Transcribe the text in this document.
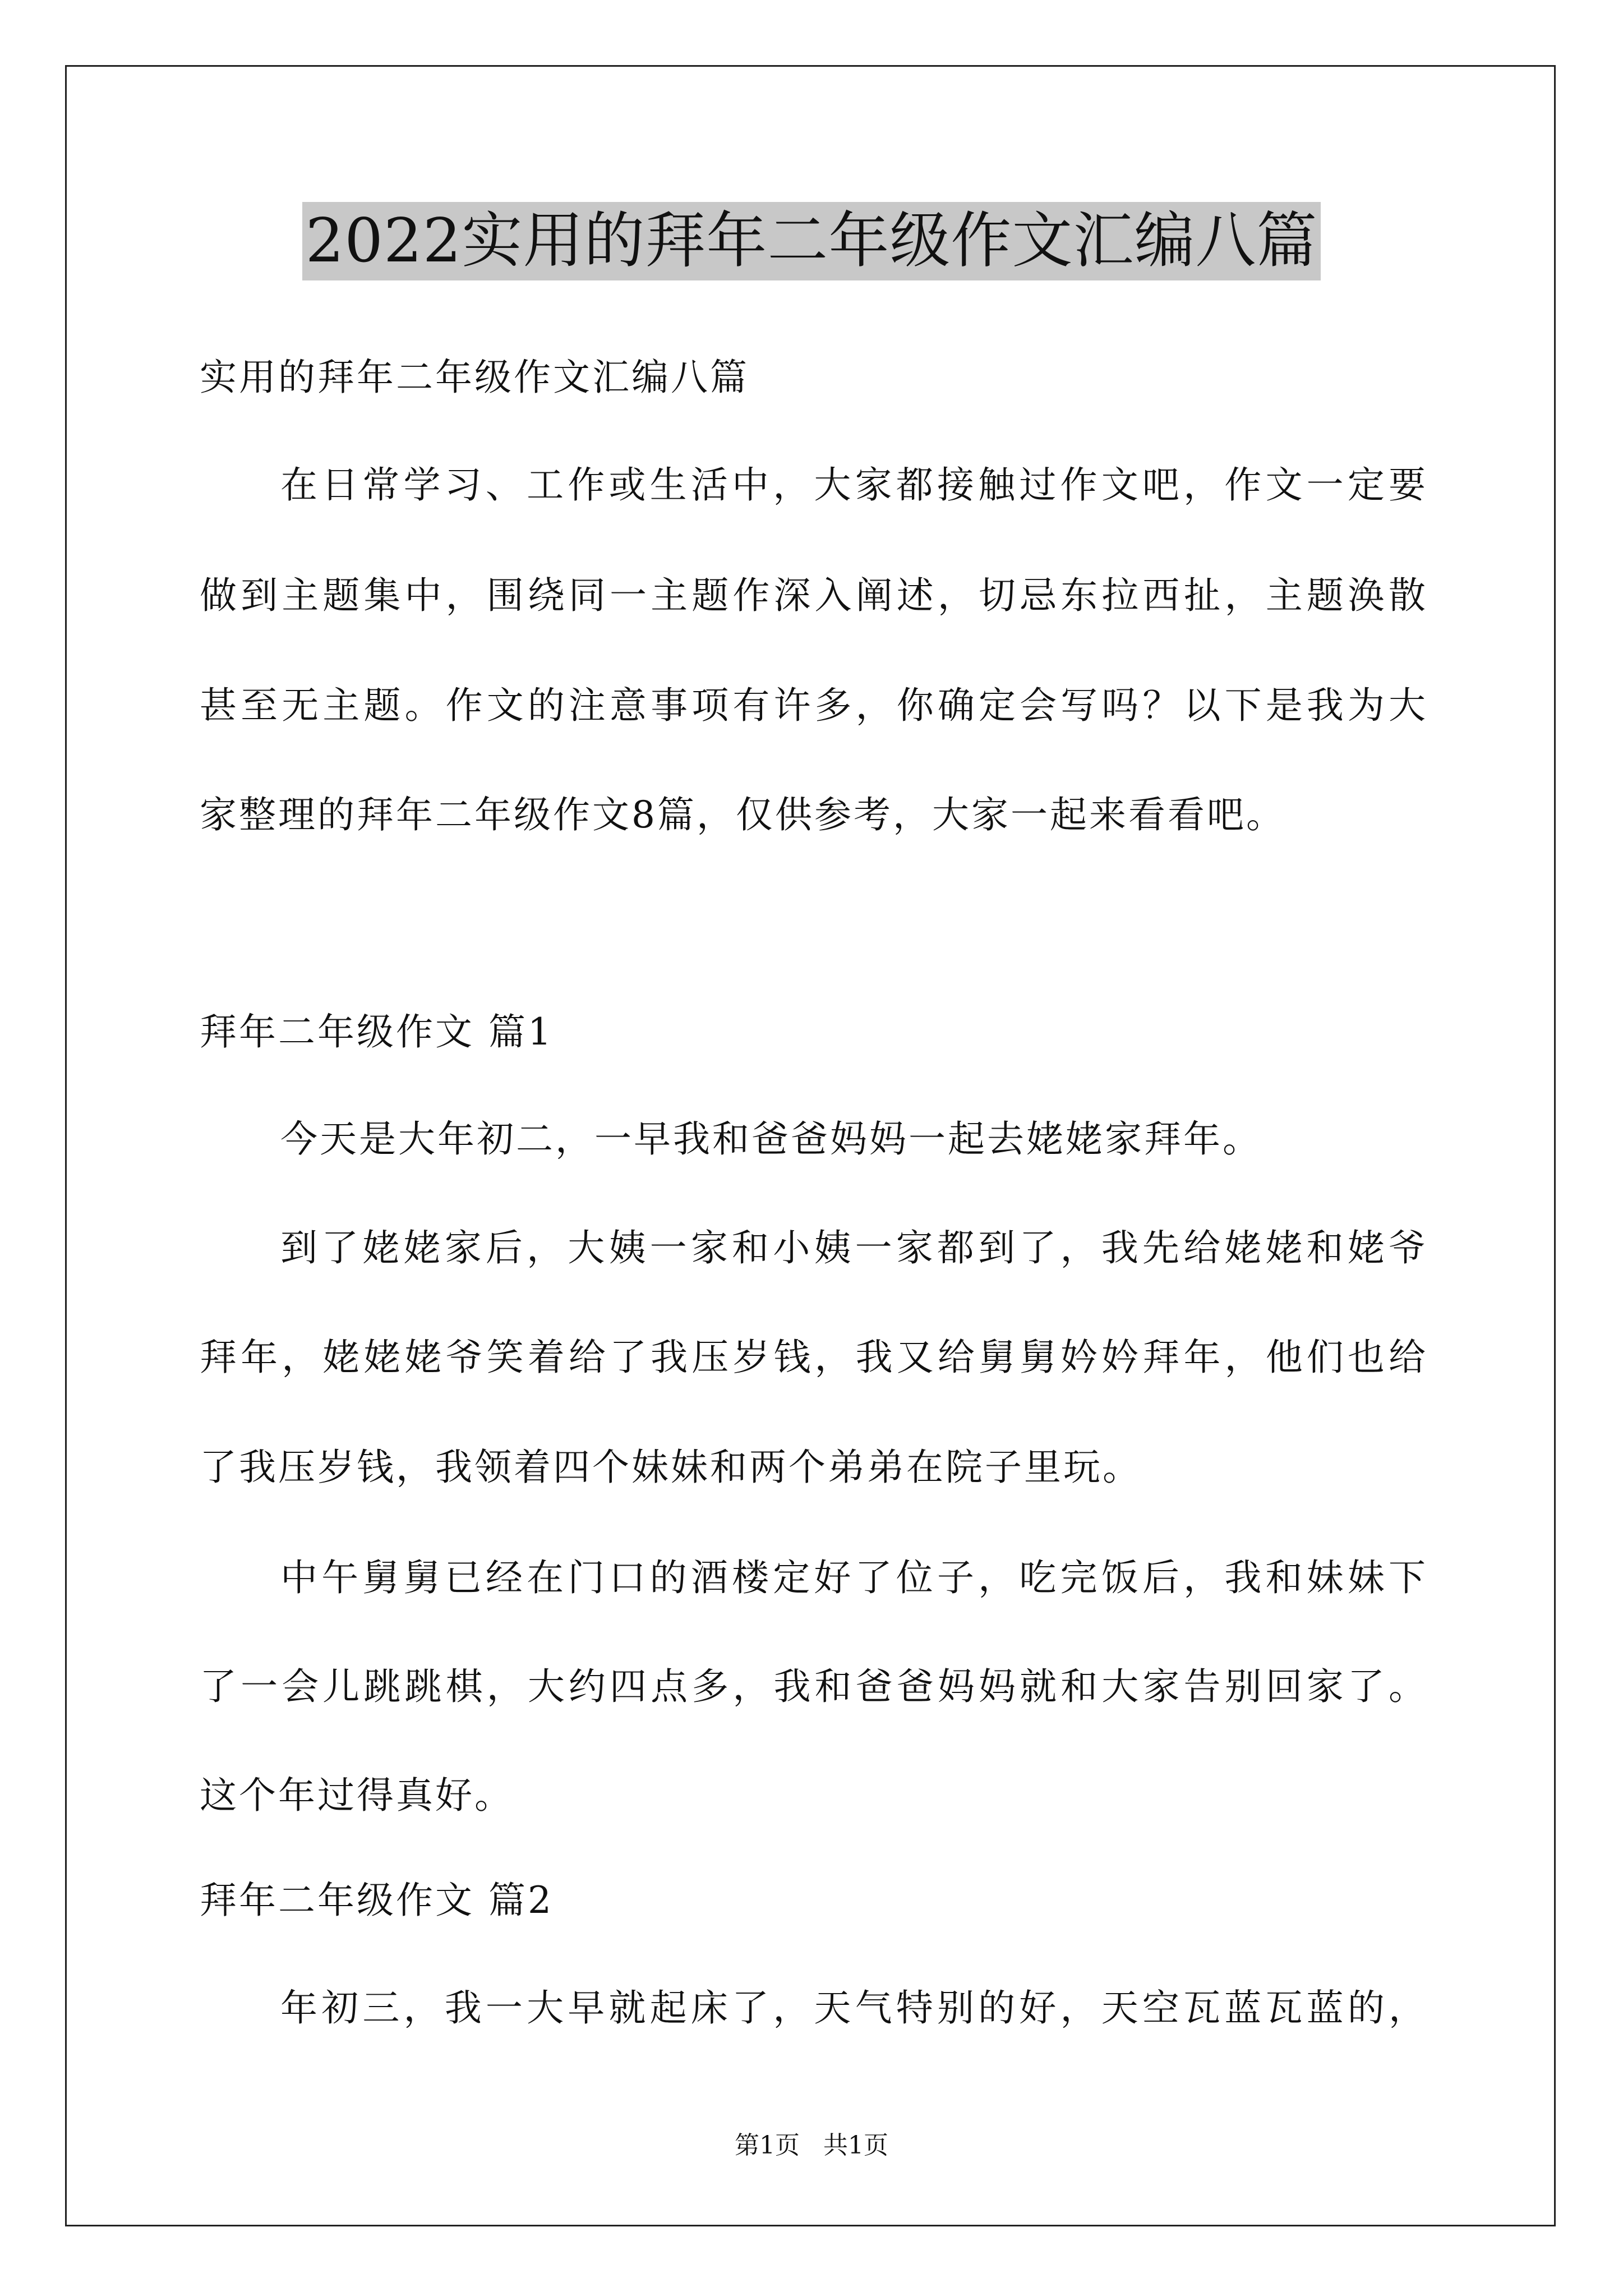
2022实用的拜年二年级作文汇编八篇
实用的拜年二年级作文汇编八篇
在日常学习、工作或生活中，大家都接触过作文吧，作文一定要
做到主题集中，围绕同一主题作深入阐述，切忌东拉西扯，主题涣散
甚至无主题。作文的注意事项有许多，你确定会写吗？以下是我为大
家整理的拜年二年级作文8篇，仅供参考，大家一起来看看吧。
拜年二年级作文 篇1
今天是大年初二，一早我和爸爸妈妈一起去姥姥家拜年。
到了姥姥家后，大姨一家和小姨一家都到了，我先给姥姥和姥爷
拜年，姥姥姥爷笑着给了我压岁钱，我又给舅舅妗妗拜年，他们也给
了我压岁钱，我领着四个妹妹和两个弟弟在院子里玩。
中午舅舅已经在门口的酒楼定好了位子，吃完饭后，我和妹妹下
了一会儿跳跳棋，大约四点多，我和爸爸妈妈就和大家告别回家了。
这个年过得真好。
拜年二年级作文 篇2
年初三，我一大早就起床了，天气特别的好，天空瓦蓝瓦蓝的，
第1页 共1页
